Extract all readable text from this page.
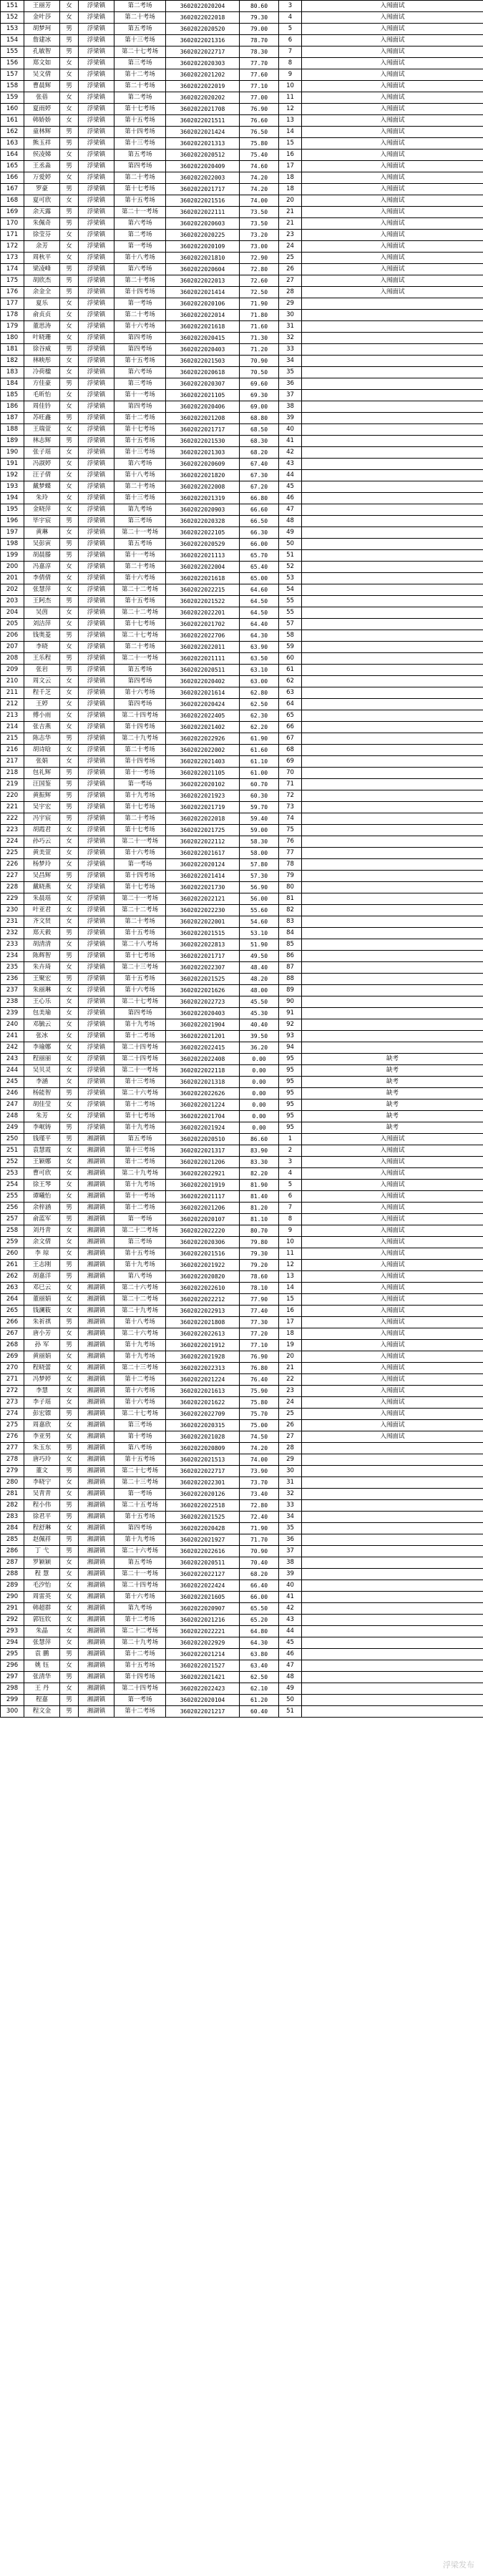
151	王丽芳	女	浮梁镇	第二考场	3602022020204	80.60	3	入闱面试
152	金叶莎	女	浮梁镇	第二十考场	3602022022018	79.30	4	入闱面试
153	胡梦珂	男	浮梁镇	第五考场	3602022020520	79.00	5	入闱面试
154	詹建冰	男	浮梁镇	第十三考场	3602022021316	78.70	6	入闱面试
155	孔敏智	男	浮梁镇	第二十七考场	3602022022717	78.30	7	入闱面试
156	郑文如	女	浮梁镇	第三考场	3602022020303	77.70	8	入闱面试
157	吴文倩	女	浮梁镇	第十二考场	3602022021202	77.60	9	入闱面试
158	曹晨辉	男	浮梁镇	第二十考场	3602022022019	77.10	10	入闱面试
159	张蓓	女	浮梁镇	第二考场	3602022020202	77.00	11	入闱面试
160	夏雨婷	女	浮梁镇	第十七考场	3602022021708	76.90	12	入闱面试
161	韩娇娇	女	浮梁镇	第十五考场	3602022021511	76.60	13	入闱面试
162	童林辉	男	浮梁镇	第十四考场	3602022021424	76.50	14	入闱面试
163	熊玉祥	男	浮梁镇	第十三考场	3602022021313	75.80	15	入闱面试
164	侯凌娣	女	浮梁镇	第五考场	3602022020512	75.40	16	入闱面试
165	王丞淼	男	浮梁镇	第四考场	3602022020409	74.60	17	入闱面试
166	万爱婷	女	浮梁镇	第二十考场	3602022022003	74.20	18	入闱面试
167	罗豪	男	浮梁镇	第十七考场	3602022021717	74.20	18	入闱面试
168	夏可欣	女	浮梁镇	第十五考场	3602022021516	74.00	20	入闱面试
169	余天露	男	浮梁镇	第二十一考场	3602022022111	73.50	21	入闱面试
170	朱佩奇	男	浮梁镇	第六考场	3602022020603	73.50	21	入闱面试
171	徐莹芬	女	浮梁镇	第二考场	3602022020225	73.20	23	入闱面试
172	余芳	女	浮梁镇	第一考场	3602022020109	73.00	24	入闱面试
173	周秋平	女	浮梁镇	第十八考场	3602022021810	72.90	25	入闱面试
174	梁凌峰	男	浮梁镇	第六考场	3602022020604	72.80	26	入闱面试
175	胡欣杰	男	浮梁镇	第二十考场	3602022022013	72.60	27	入闱面试
176	余金全	男	浮梁镇	第十四考场	3602022021414	72.50	28	入闱面试
177	夏乐	女	浮梁镇	第一考场	3602022020106	71.90	29	
178	俞贞贞	女	浮梁镇	第二十考场	3602022022014	71.80	30	
179	董思涛	女	浮梁镇	第十六考场	3602022021618	71.60	31	
180	叶晓珊	女	浮梁镇	第四考场	3602022020415	71.30	32	
181	徐谷威	男	浮梁镇	第四考场	3602022020403	71.20	33	
182	林映彤	女	浮梁镇	第十五考场	3602022021503	70.90	34	
183	冷荷楹	女	浮梁镇	第六考场	3602022020618	70.50	35	
184	方佳豪	男	浮梁镇	第三考场	3602022020307	69.60	36	
185	毛昕怡	女	浮梁镇	第十一考场	3602022021105	69.30	37	
186	周佳钤	女	浮梁镇	第四考场	3602022020406	69.00	38	
187	苏旺鑫	男	浮梁镇	第十二考场	3602022021208	68.80	39	
188	王瑞萱	女	浮梁镇	第十七考场	3602022021717	68.50	40	
189	林志辉	男	浮梁镇	第十五考场	3602022021530	68.30	41	
190	张子瑶	女	浮梁镇	第十三考场	3602022021303	68.20	42	
191	冯淑婷	女	浮梁镇	第六考场	3602022020609	67.40	43	
192	汪子倩	女	浮梁镇	第十八考场	3602022021820	67.30	44	
193	戴梦蝶	女	浮梁镇	第二十考场	3602022022008	67.20	45	
194	朱玲	女	浮梁镇	第十三考场	3602022021319	66.80	46	
195	金晓萍	女	浮梁镇	第九考场	3602022020903	66.60	47	
196	毕宇宸	男	浮梁镇	第三考场	3602022020328	66.50	48	
197	黄琳	女	浮梁镇	第二十一考场	3602022022105	66.30	49	
198	吴彭寅	男	浮梁镇	第五考场	3602022020529	66.00	50	
199	胡晨滕	男	浮梁镇	第十一考场	3602022021113	65.70	51	
200	冯嘉淳	女	浮梁镇	第二十考场	3602022022004	65.40	52	
201	李倩倩	女	浮梁镇	第十六考场	3602022021618	65.00	53	
202	张慧萍	女	浮梁镇	第二十二考场	3602022022215	64.60	54	
203	王阿杰	男	浮梁镇	第十五考场	3602022021522	64.50	55	
204	吴茵	女	浮梁镇	第二十二考场	3602022022201	64.50	55	
205	刘洁萍	女	浮梁镇	第十七考场	3602022021702	64.40	57	
206	钱奥菱	男	浮梁镇	第二十七考场	3602022022706	64.30	58	
207	李晓	女	浮梁镇	第二十考场	3602022022011	63.90	59	
208	王乐程	男	浮梁镇	第二十一考场	3602022021111	63.50	60	
209	张岩	男	浮梁镇	第五考场	3602022020511	63.10	61	
210	周文云	女	浮梁镇	第四考场	3602022020402	63.00	62	
211	程千芝	女	浮梁镇	第十六考场	3602022021614	62.80	63	
212	王婷	女	浮梁镇	第四考场	3602022020424	62.50	64	
213	傅小雨	女	浮梁镇	第二十四考场	3602022022405	62.30	65	
214	张吉燕	女	浮梁镇	第十四考场	3602022021402	62.20	66	
215	陈志华	男	浮梁镇	第二十九考场	3602022022926	61.90	67	
216	胡诗晗	女	浮梁镇	第二十考场	3602022022002	61.60	68	
217	张娟	女	浮梁镇	第十四考场	3602022021403	61.10	69	
218	包礼辉	男	浮梁镇	第十一考场	3602022021105	61.00	70	
219	汪国鉴	男	浮梁镇	第一考场	3602022020102	60.70	71	
220	黄振辉	男	浮梁镇	第十九考场	3602022021923	60.30	72	
221	吴宇宏	男	浮梁镇	第十七考场	3602022021719	59.70	73	
222	冯宇宸	男	浮梁镇	第二十考场	3602022022018	59.40	74	
223	胡霞君	女	浮梁镇	第十七考场	3602022021725	59.00	75	
224	孙巧云	女	浮梁镇	第二十一考场	3602022022112	58.30	76	
225	黄美萱	女	浮梁镇	第十六考场	3602022021617	58.00	77	
226	杨梦玲	女	浮梁镇	第一考场	3602022020124	57.80	78	
227	吴昌辉	男	浮梁镇	第十四考场	3602022021414	57.30	79	
228	戴晓燕	女	浮梁镇	第十七考场	3602022021730	56.90	80	
229	朱晨瑶	女	浮梁镇	第二十一考场	3602022022121	56.00	81	
230	叶亚君	女	浮梁镇	第二十二考场	3602022022230	55.60	82	
231	齐文贤	女	浮梁镇	第二十考场	3602022022001	54.60	83	
232	郑天毅	男	浮梁镇	第十五考场	3602022021515	53.10	84	
233	胡清清	女	浮梁镇	第二十八考场	3602022022813	51.90	85	
234	陈辉智	男	浮梁镇	第十七考场	3602022021717	49.50	86	
235	朱卉琦	女	浮梁镇	第二十三考场	3602022022307	48.40	87	
236	王聚宏	男	浮梁镇	第十五考场	3602022021525	48.20	88	
237	朱丽琳	女	浮梁镇	第十六考场	3602022021626	48.00	89	
238	王心乐	女	浮梁镇	第二十七考场	3602022022723	45.50	90	
239	包美瑜	女	浮梁镇	第四考场	3602022020403	45.30	91	
240	邓毓云	女	浮梁镇	第十九考场	3602022021904	40.40	92	
241	张冰	女	浮梁镇	第十二考场	3602022021201	39.50	93	
242	李瑜娜	女	浮梁镇	第二十四考场	3602022022415	36.20	94	
243	程丽丽	女	浮梁镇	第二十四考场	3602022022408	0.00	95	缺考
244	吴贝灵	女	浮梁镇	第二十一考场	3602022022118	0.00	95	缺考
245	李涵	女	浮梁镇	第十三考场	3602022021318	0.00	95	缺考
246	杨能智	男	浮梁镇	第二十六考场	3602022022626	0.00	95	缺考
247	胡佳莹	女	浮梁镇	第十二考场	3602022021224	0.00	95	缺考
248	朱芳	女	浮梁镇	第十七考场	3602022021704	0.00	95	缺考
249	李岷铸	男	浮梁镇	第十九考场	3602022021924	0.00	95	缺考
250	钱瑾平	男	湘湖镇	第五考场	3602022020510	86.60	1	入闱面试
251	袁慧霞	女	湘湖镇	第十三考场	3602022021317	83.90	2	入闱面试
252	王颖娜	女	湘湖镇	第十二考场	3602022021206	83.30	3	入闱面试
253	曹可欣	女	湘湖镇	第二十九考场	3602022022921	82.20	4	入闱面试
254	徐王琴	女	湘湖镇	第十九考场	3602022021919	81.90	5	入闱面试
255	谭曦怡	女	湘湖镇	第十一考场	3602022021117	81.40	6	入闱面试
256	余梓涵	男	湘湖镇	第十二考场	3602022021206	81.20	7	入闱面试
257	俞蓝军	男	湘湖镇	第一考场	3602022020107	81.10	8	入闱面试
258	刘丹青	女	湘湖镇	第二十二考场	3602022022220	80.70	9	入闱面试
259	余文倩	女	湘湖镇	第三考场	3602022020306	79.80	10	入闱面试
260	李 琼	女	湘湖镇	第十五考场	3602022021516	79.30	11	入闱面试
261	王志刚	男	湘湖镇	第十九考场	3602022021922	79.20	12	入闱面试
262	胡嘉洋	男	湘湖镇	第八考场	3602022020820	78.60	13	入闱面试
263	邓巳云	女	湘湖镇	第二十六考场	3602022022610	78.10	14	入闱面试
264	董丽娟	女	湘湖镇	第二十二考场	3602022022212	77.90	15	入闱面试
265	钱澜筱	女	湘湖镇	第二十九考场	3602022022913	77.40	16	入闱面试
266	朱祈祺	男	湘湖镇	第十八考场	3602022021808	77.30	17	入闱面试
267	唐小芳	女	湘湖镇	第二十六考场	3602022022613	77.20	18	入闱面试
268	孙 军	男	湘湖镇	第十九考场	3602022021912	77.10	19	入闱面试
269	黄丽娟	女	湘湖镇	第十九考场	3602022021928	76.90	20	入闱面试
270	程晓蕾	女	湘湖镇	第二十三考场	3602022022313	76.80	21	入闱面试
271	冯梦婷	女	湘湖镇	第十二考场	3602022021224	76.40	22	入闱面试
272	李慧	女	湘湖镇	第十六考场	3602022021613	75.90	23	入闱面试
273	李子瑶	女	湘湖镇	第十六考场	3602022021622	75.80	24	入闱面试
274	彭宏镖	男	湘湖镇	第二十七考场	3602022022709	75.70	25	入闱面试
275	周嘉欣	女	湘湖镇	第三考场	3602022020315	75.00	26	入闱面试
276	李亚男	女	湘湖镇	第十考场	3602022021028	74.50	27	入闱面试
277	朱玉东	男	湘湖镇	第八考场	3602022020809	74.20	28	
278	唐巧玲	女	湘湖镇	第十五考场	3602022021513	74.00	29	
279	董文	男	湘湖镇	第二十七考场	3602022022717	73.90	30	
280	李晓宁	女	湘湖镇	第二十三考场	3602022022301	73.70	31	
281	吴青青	女	湘湖镇	第一考场	3602022020126	73.40	32	
282	程小伟	男	湘湖镇	第二十五考场	3602022022518	72.80	33	
283	徐君平	男	湘湖镇	第十五考场	3602022021525	72.40	34	
284	程舒琳	女	湘湖镇	第四考场	3602022020428	71.90	35	
285	赵佩祥	男	湘湖镇	第十九考场	3602022021927	71.70	36	
286	丁 弋	男	湘湖镇	第二十六考场	3602022022616	70.90	37	
287	罗颖颖	女	湘湖镇	第五考场	3602022020511	70.40	38	
288	程 慧	女	湘湖镇	第二十一考场	3602022022127	68.20	39	
289	毛汐怡	女	湘湖镇	第二十四考场	3602022022424	66.40	40	
290	周雷英	女	湘湖镇	第十六考场	3602022021605	66.00	41	
291	韩超群	女	湘湖镇	第九考场	3602022020907	65.50	42	
292	郭钰钦	女	湘湖镇	第十二考场	3602022021216	65.20	43	
293	朱晶	女	湘湖镇	第二十二考场	3602022022221	64.80	44	
294	张慧萍	女	湘湖镇	第二十九考场	3602022022929	64.30	45	
295	袁 鹏	男	湘湖镇	第十二考场	3602022021214	63.80	46	
296	姚 钰	女	湘湖镇	第十五考场	3602022021527	63.40	47	
297	张清华	男	湘湖镇	第十四考场	3602022021421	62.50	48	
298	王 丹	女	湘湖镇	第二十四考场	3602022022423	62.10	49	
299	程嘉	男	湘湖镇	第一考场	3602022020104	61.20	50	
300	程文金	男	湘湖镇	第十二考场	3602022021217	60.40	51	
浮梁发布
